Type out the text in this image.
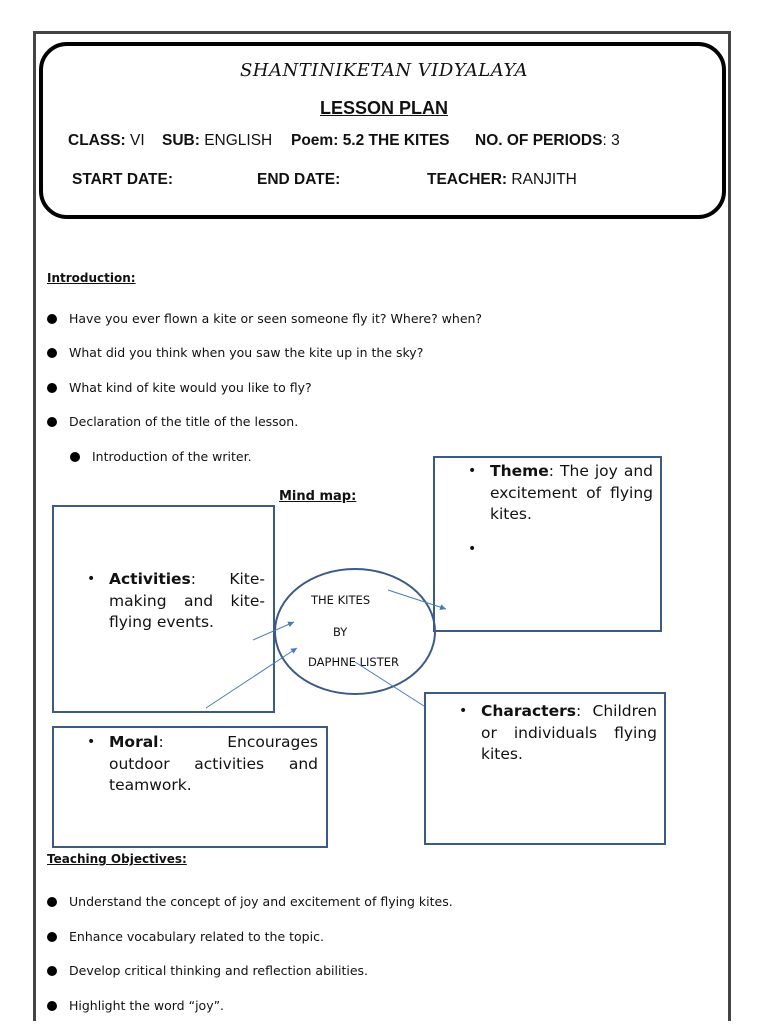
SHANTINIKETAN VIDYALAYA
LESSON PLAN
CLASS: VI SUB: ENGLISH Poem: 5.2 THE KITES NO. OF PERIODS: 3
START DATE:	END DATE:	TEACHER: RANJITH
Introduction:
Have you ever flown a kite or seen someone fly it? Where? when?
What did you think when you saw the kite up in the sky?
What kind of kite would you like to fly?
Declaration of the title of the lesson.
Introduction of the writer.
Mind map:
• Theme: The joy and excitement of flying kites.
•
• Activities: Kite-making and kite-flying events.
• Characters: Children or individuals flying kites.
• Moral: Encourages outdoor activities and teamwork.
THE KITES
BY
DAPHNE LISTER
Teaching Objectives:
Understand the concept of joy and excitement of flying kites.
Enhance vocabulary related to the topic.
Develop critical thinking and reflection abilities.
Highlight the word “joy”.
